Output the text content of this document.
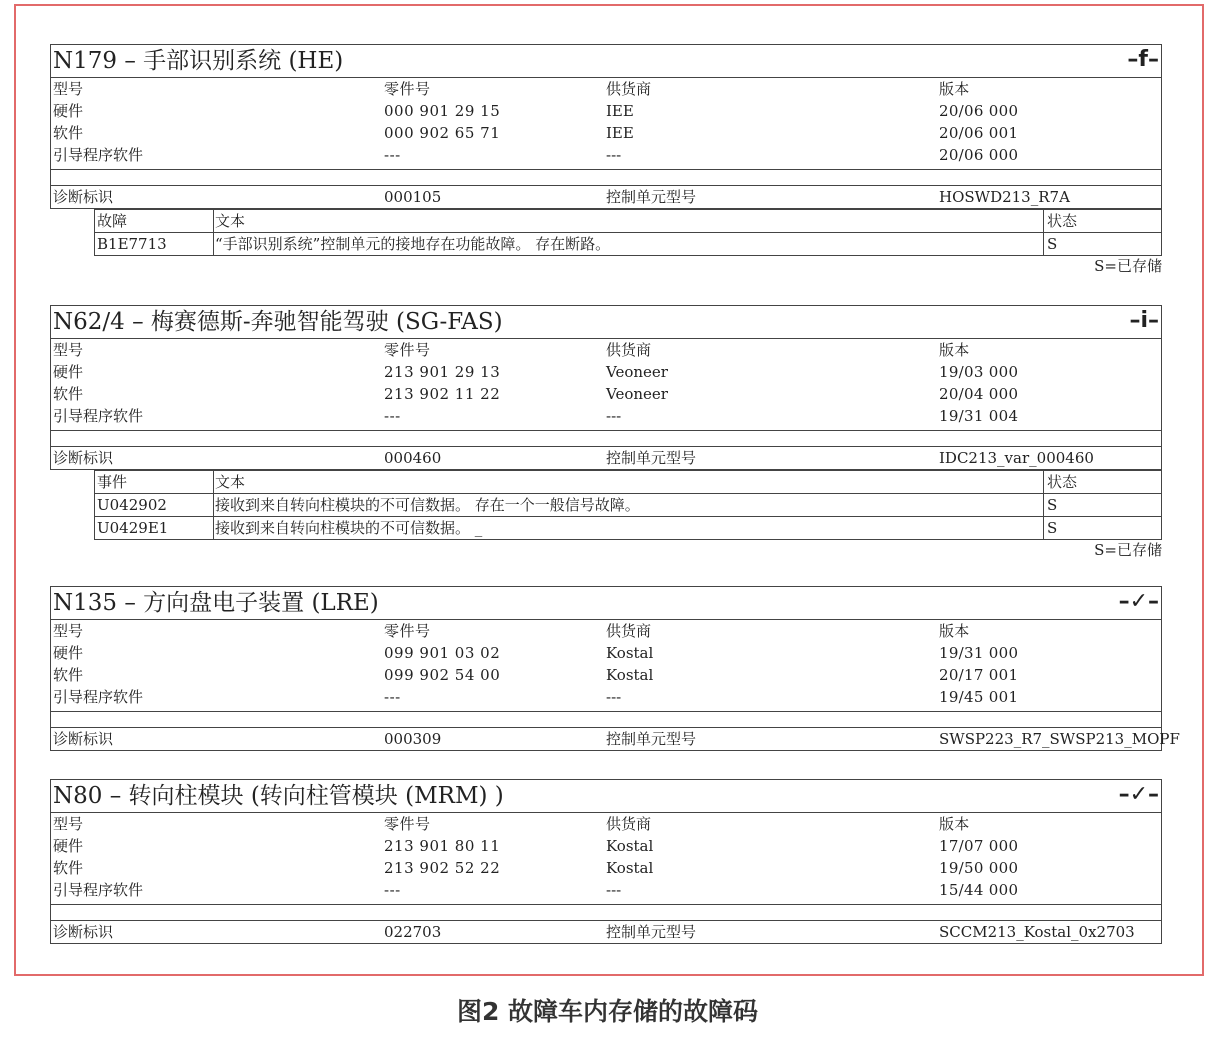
N179 – 手部识别系统 (HE)	–f–
型号	零件号	供货商	版本
硬件	000 901 29 15	IEE	20/06 000
软件	000 902 65 71	IEE	20/06 001
引导程序软件	---	---	20/06 000
诊断标识	000105	控制单元型号	HOSWD213_R7A
故障	文本	状态
B1E7713	“手部识别系统”控制单元的接地存在功能故障。 存在断路。	S
S=已存储
N62/4 – 梅赛德斯-奔驰智能驾驶 (SG-FAS)	–i–
型号	零件号	供货商	版本
硬件	213 901 29 13	Veoneer	19/03 000
软件	213 902 11 22	Veoneer	20/04 000
引导程序软件	---	---	19/31 004
诊断标识	000460	控制单元型号	IDC213_var_000460
事件	文本	状态
U042902	接收到来自转向柱模块的不可信数据。 存在一个一般信号故障。	S
U0429E1	接收到来自转向柱模块的不可信数据。 _	S
S=已存储
N135 – 方向盘电子装置 (LRE)	–✓–
型号	零件号	供货商	版本
硬件	099 901 03 02	Kostal	19/31 000
软件	099 902 54 00	Kostal	20/17 001
引导程序软件	---	---	19/45 001
诊断标识	000309	控制单元型号	SWSP223_R7_SWSP213_MOPF
N80 – 转向柱模块 (转向柱管模块 (MRM) )	–✓–
型号	零件号	供货商	版本
硬件	213 901 80 11	Kostal	17/07 000
软件	213 902 52 22	Kostal	19/50 000
引导程序软件	---	---	15/44 000
诊断标识	022703	控制单元型号	SCCM213_Kostal_0x2703
图2 故障车内存储的故障码
